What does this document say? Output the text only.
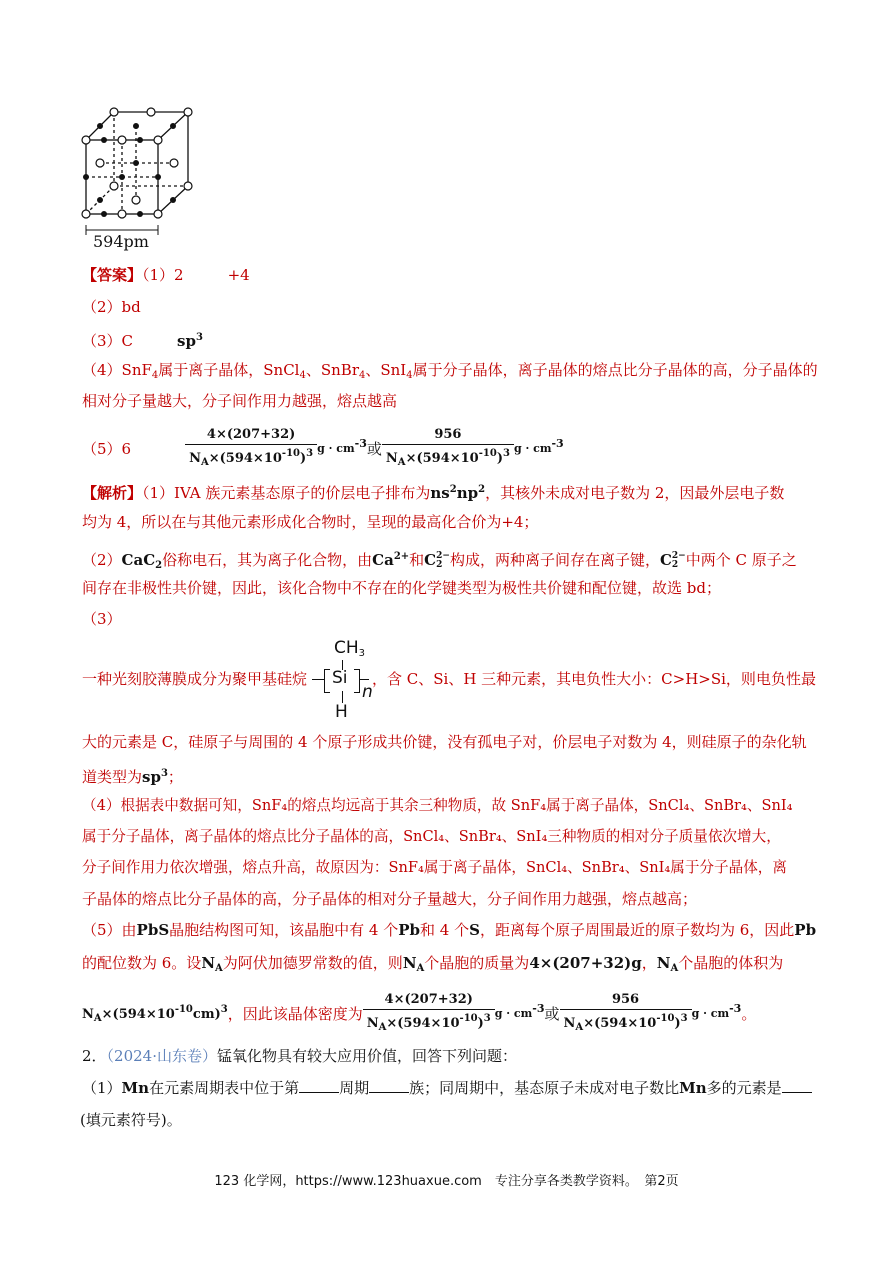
594pm
【答案】（1）2	+4
（2）bd
（3）C	$sp^3$
（4）SnF$_4$属于离子晶体，SnCl$_4$、SnBr$_4$、SnI$_4$属于分子晶体，离子晶体的熔点比分子晶体的高，分子晶体的
相对分子量越大，分子间作用力越强，熔点越高
（5）6	$\frac{4\times(207+32)}{N_A\times(594\times 10^{-10})^3}$ $g \cdot cm^{-3}$或 $\frac{956}{N_A\times(594\times 10^{-10})^3}$ $g \cdot cm^{-3}$
【解析】（1）IVA 族元素基态原子的价层电子排布为$ns^2np^2$，其核外未成对电子数为 2，因最外层电子数
均为 4，所以在与其他元素形成化合物时，呈现的最高化合价为+4；
（2）CaC$_2$俗称电石，其为离子化合物，由$Ca^{2+}$和C 2−
2 构成，两种离子间存在离子键，C 2−
2 中两个 C 原子之
间存在非极性共价键，因此，该化合物中不存在的化学键类型为极性共价键和配位键，故选 bd；
（3）
$CH_3$
Si
n
H
一种光刻胶薄膜成分为聚甲基硅烷	，含 C、Si、H 三种元素，其电负性大小：C>H>Si，则电负性最
大的元素是 C，硅原子与周围的 4 个原子形成共价键，没有孤电子对，价层电子对数为 4，则硅原子的杂化轨
道类型为$sp^3$；
（4）根据表中数据可知，SnF₄的熔点均远高于其余三种物质，故 SnF₄属于离子晶体，SnCl₄、SnBr₄、SnI₄
属于分子晶体，离子晶体的熔点比分子晶体的高，SnCl₄、SnBr₄、SnI₄三种物质的相对分子质量依次增大，
分子间作用力依次增强，熔点升高，故原因为：SnF₄属于离子晶体，SnCl₄、SnBr₄、SnI₄属于分子晶体，离
子晶体的熔点比分子晶体的高，分子晶体的相对分子量越大，分子间作用力越强，熔点越高；
（5）由PbS晶胞结构图可知，该晶胞中有 4 个Pb和 4 个S，距离每个原子周围最近的原子数均为 6，因此Pb
的配位数为 6。设$N_A$为阿伏加德罗常数的值，则$N_A$个晶胞的质量为4×(207+32)g，$N_A$个晶胞的体积为
$N_A\times(594\times 10^{-10}cm)^3$，因此该晶体密度为 $\frac{4\times(207+32)}{N_A\times(594\times 10^{-10})^3}$ $g \cdot cm^{-3}$或 $\frac{956}{N_A\times(594\times 10^{-10})^3}$ $g \cdot cm^{-3}$。
2．（2024·山东卷）锰氧化物具有较大应用价值，回答下列问题：
（1）Mn在元素周期表中位于第	周期	族；同周期中，基态原子未成对电子数比Mn多的元素是
(填元素符号)。
123 化学网，https://www.123huaxue.com　专注分享各类教学资料。　第2页
